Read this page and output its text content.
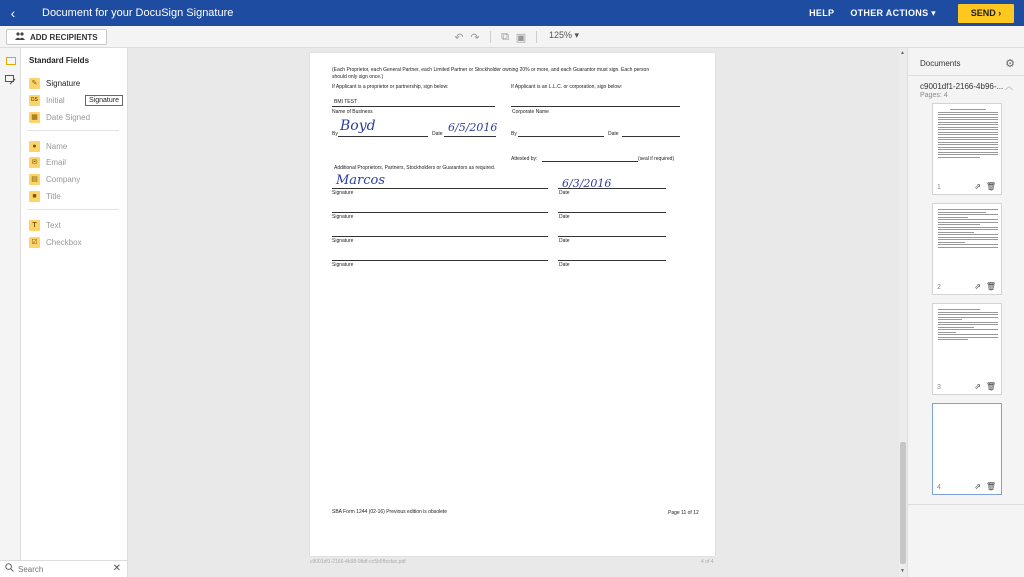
‹ Document for your DocuSign Signature	HELP OTHER ACTIONS ▾	SEND ›
ADD RECIPIENTS	↶ ↷ ⧉ ▣	125% ▾
Standard Fields
✎	Signature
DS Initial
▦ Date Signed
●	Name
✉	Email
▤ Company
■	Title
T	Text
☑ Checkbox
Signature
Search
✕
(Each Proprietor, each General Partner, each Limited Partner or Stockholder owning 20% or more, and each Guarantor must sign. Each person
should only sign once.)
If Applicant is a proprietor or partnership, sign below:	If Applicant is an L.L.C. or corporation, sign below:
BMI TEST
Name of Business	Corporate Name
By Boyd	Date 6/5/2016	By	Date
Attested by:	(seal if required)
Additional Proprietors, Partners, Stockholders or Guarantors as required.
Marcos	6/3/2016
Signature	Date
Signature	Date
Signature	Date
Signature	Date
SBA Form 1244 (02-16) Previous edition is obsolete	Page 11 of 12
c9001df1-2166-4b98-98df-cc5b5fbcdac.pdf	4 of 4
▲
▼
Documents	⚙
c9001df1-2166-4b96-... ︿
Pages: 4
1	⇗ 🗑
2	⇗ 🗑
3	⇗ 🗑
4	⇗ 🗑
